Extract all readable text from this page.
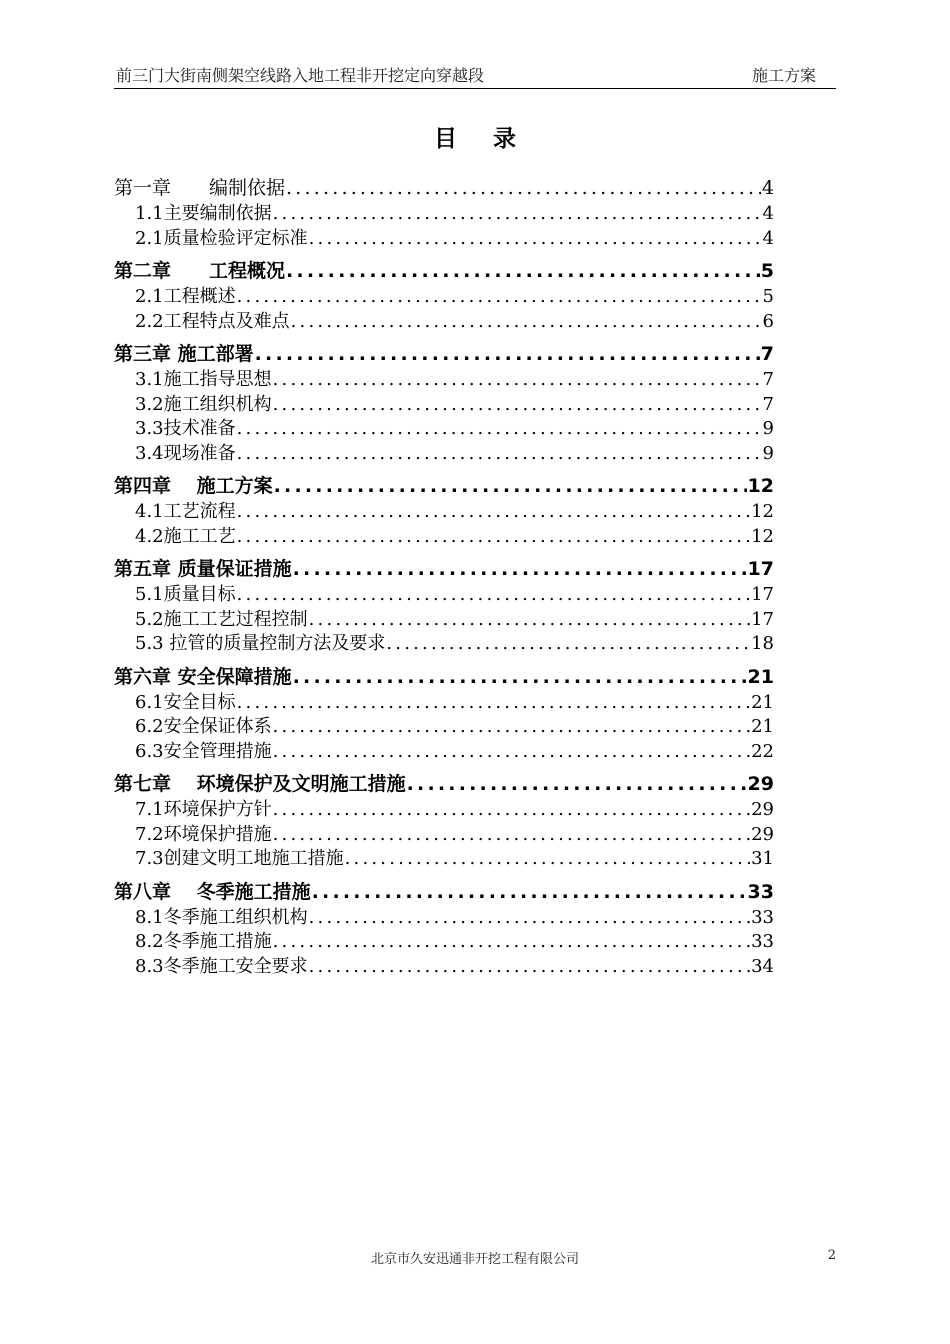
前三门大街南侧架空线路入地工程非开挖定向穿越段	施工方案
目 录
第一章　　编制依据 .....	4
1.1主要编制依据 .....	4
2.1质量检验评定标准 .....	4
第二章　　工程概况 .....	5
2.1工程概述 .....	5
2.2工程特点及难点 .....	6
第三章 施工部署 .....	7
3.1施工指导思想 .....	7
3.2施工组织机构 .....	7
3.3技术准备 .....	9
3.4现场准备 .....	9
第四章　 施工方案 .....	12
4.1工艺流程 .....	12
4.2施工工艺 .....	12
第五章 质量保证措施 .....	17
5.1质量目标 .....	17
5.2施工工艺过程控制 .....	17
5.3 拉管的质量控制方法及要求 .....	18
第六章 安全保障措施 .....	21
6.1安全目标 .....	21
6.2安全保证体系 .....	21
6.3安全管理措施 .....	22
第七章　 环境保护及文明施工措施 .....	29
7.1环境保护方针 .....	29
7.2环境保护措施 .....	29
7.3创建文明工地施工措施 .....	31
第八章　 冬季施工措施 .....	33
8.1冬季施工组织机构 .....	33
8.2冬季施工措施 .....	33
8.3冬季施工安全要求 .....	34
北京市久安迅通非开挖工程有限公司	2
